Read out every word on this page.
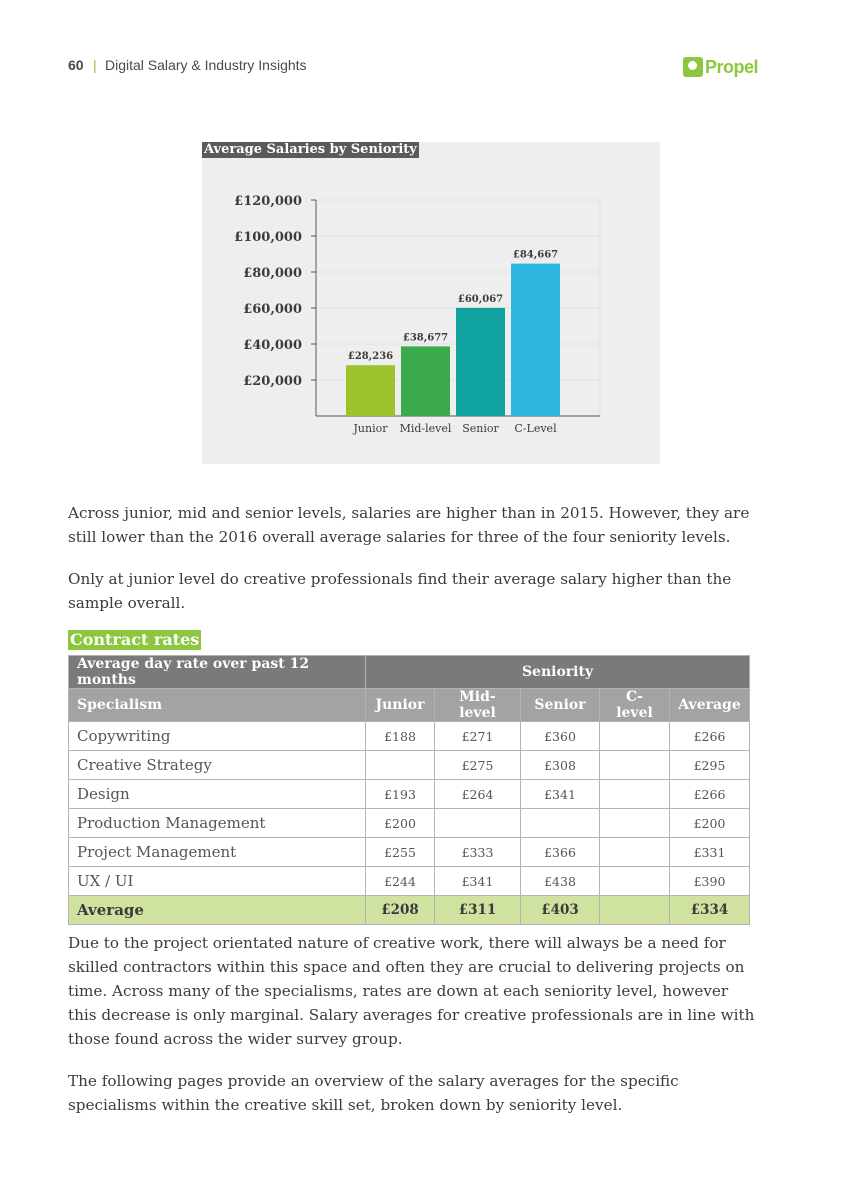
60 | Digital Salary & Industry Insights	Propel
£20,000
£40,000
£60,000
£80,000
£100,000
£120,000
£28,236
Junior
£38,677
Mid-level
£60,067
Senior
£84,667
C-Level
Average Salaries by Seniority

Across junior, mid and senior levels, salaries are higher than in 2015. However, they are still lower than the 2016 overall average salaries for three of the four seniority levels.

Only at junior level do creative professionals find their average salary higher than the sample overall.

Contract rates
Average day rate over past 12 months	Seniority				
Specialism	Junior	Mid-level	Senior	C-level	Average
Copywriting	£188	£271	£360		£266
Creative Strategy		£275	£308		£295
Design	£193	£264	£341		£266
Production Management	£200				£200
Project Management	£255	£333	£366		£331
UX / UI	£244	£341	£438		£390
Average	£208	£311	£403		£334

Due to the project orientated nature of creative work, there will always be a need for skilled contractors within this space and often they are crucial to delivering projects on time. Across many of the specialisms, rates are down at each seniority level, however this decrease is only marginal. Salary averages for creative professionals are in line with those found across the wider survey group.

The following pages provide an overview of the salary averages for the specific specialisms within the creative skill set, broken down by seniority level.
